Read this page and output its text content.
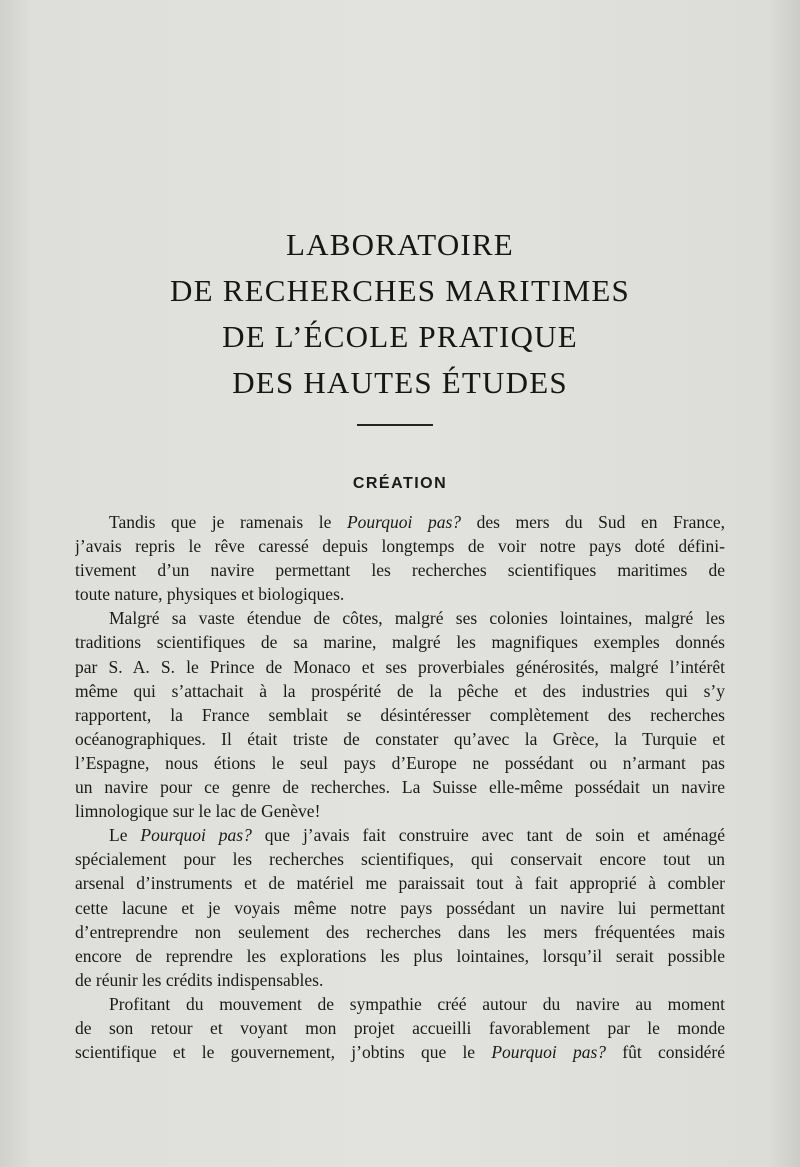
LABORATOIRE
DE RECHERCHES MARITIMES
DE L’ÉCOLE PRATIQUE
DES HAUTES ÉTUDES
CRÉATION
Tandis que je ramenais le Pourquoi pas? des mers du Sud en France,
j’avais repris le rêve caressé depuis longtemps de voir notre pays doté défini-
tivement d’un navire permettant les recherches scientifiques maritimes de
toute nature, physiques et biologiques.
Malgré sa vaste étendue de côtes, malgré ses colonies lointaines, malgré les
traditions scientifiques de sa marine, malgré les magnifiques exemples donnés
par S. A. S. le Prince de Monaco et ses proverbiales générosités, malgré l’intérêt
même qui s’attachait à la prospérité de la pêche et des industries qui s’y
rapportent, la France semblait se désintéresser complètement des recherches
océanographiques. Il était triste de constater qu’avec la Grèce, la Turquie et
l’Espagne, nous étions le seul pays d’Europe ne possédant ou n’armant pas
un navire pour ce genre de recherches. La Suisse elle-même possédait un navire
limnologique sur le lac de Genève!
Le Pourquoi pas? que j’avais fait construire avec tant de soin et aménagé
spécialement pour les recherches scientifiques, qui conservait encore tout un
arsenal d’instruments et de matériel me paraissait tout à fait approprié à combler
cette lacune et je voyais même notre pays possédant un navire lui permettant
d’entreprendre non seulement des recherches dans les mers fréquentées mais
encore de reprendre les explorations les plus lointaines, lorsqu’il serait possible
de réunir les crédits indispensables.
Profitant du mouvement de sympathie créé autour du navire au moment
de son retour et voyant mon projet accueilli favorablement par le monde
scientifique et le gouvernement, j’obtins que le Pourquoi pas? fût considéré
